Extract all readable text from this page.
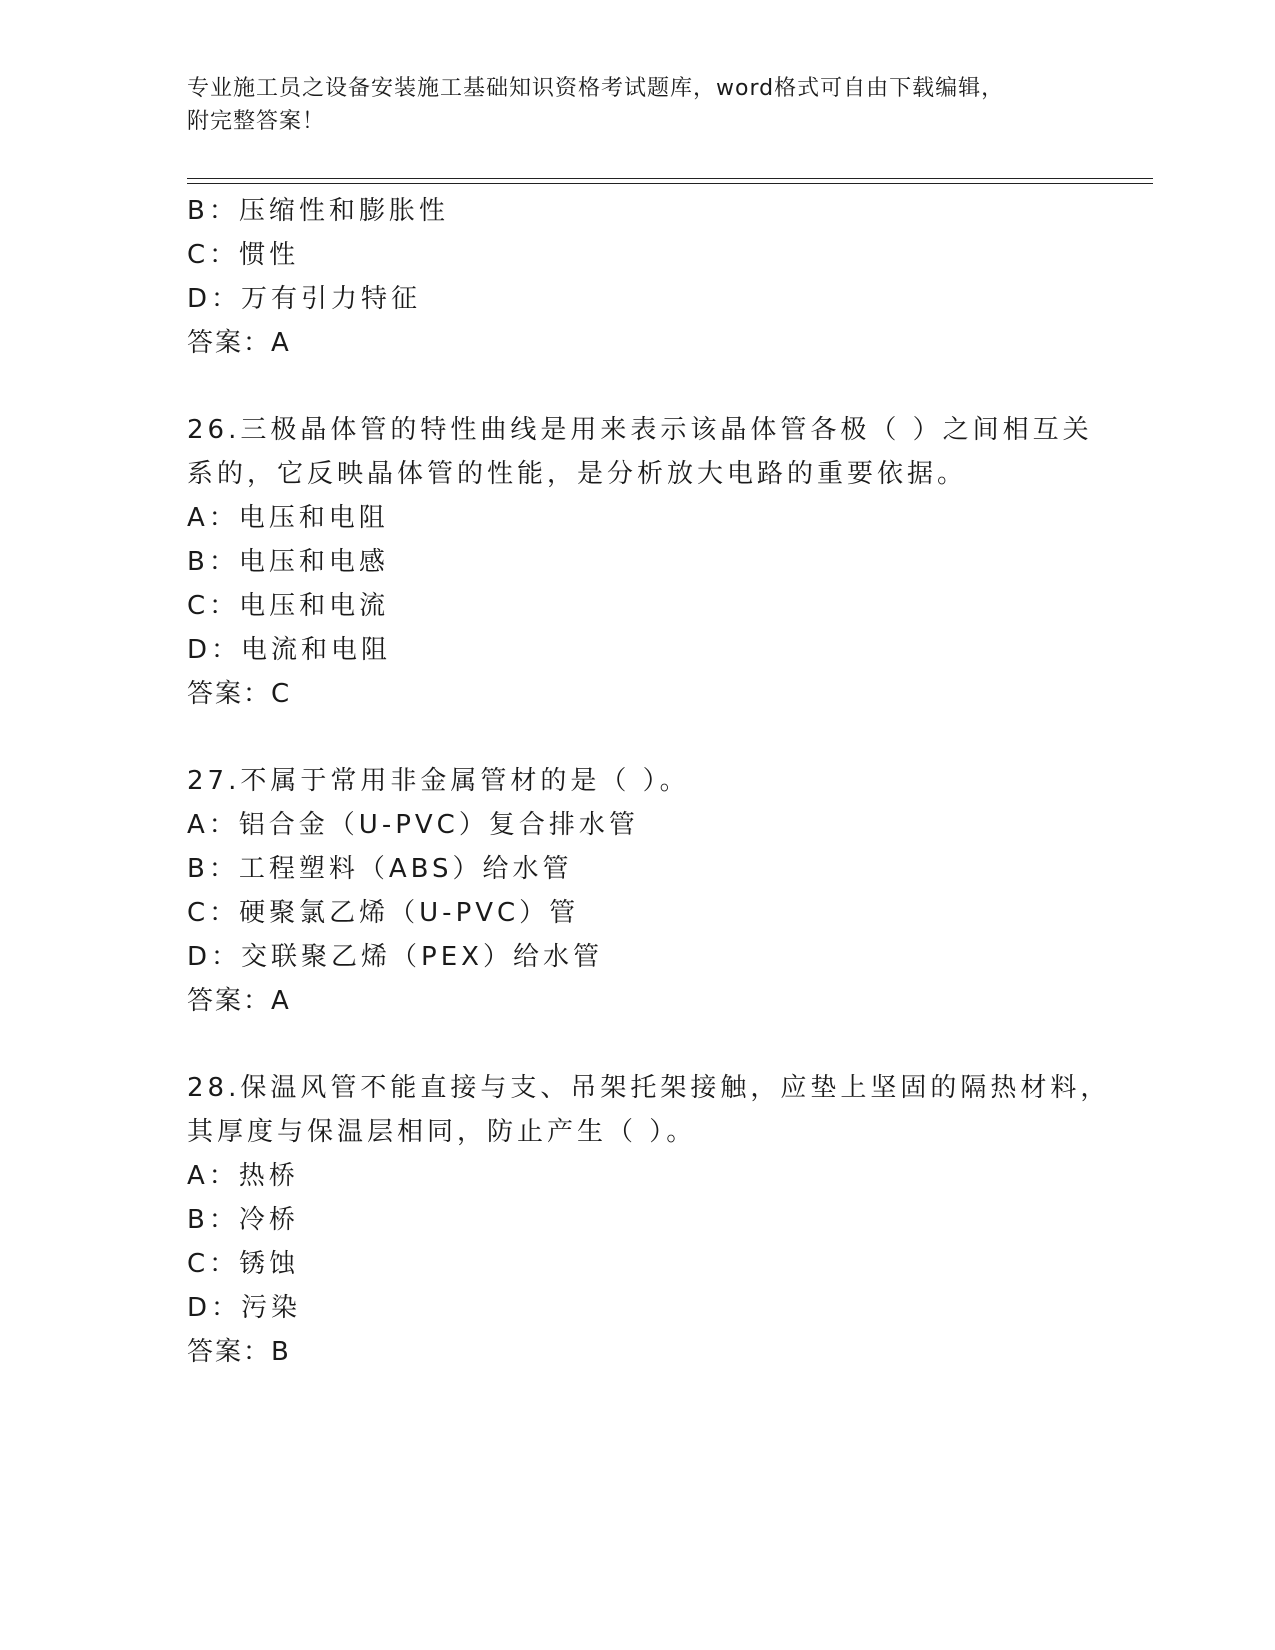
专业施工员之设备安装施工基础知识资格考试题库，word格式可自由下载编辑，
附完整答案！
B：压缩性和膨胀性
C：惯性
D：万有引力特征
答案：A
26.三极晶体管的特性曲线是用来表示该晶体管各极（ ）之间相互关
系的，它反映晶体管的性能，是分析放大电路的重要依据。
A：电压和电阻
B：电压和电感
C：电压和电流
D：电流和电阻
答案：C
27.不属于常用非金属管材的是（ ）。
A：铝合金（U-PVC）复合排水管
B：工程塑料（ABS）给水管
C：硬聚氯乙烯（U-PVC）管
D：交联聚乙烯（PEX）给水管
答案：A
28.保温风管不能直接与支、吊架托架接触，应垫上坚固的隔热材料，
其厚度与保温层相同，防止产生（ ）。
A：热桥
B：冷桥
C：锈蚀
D：污染
答案：B
